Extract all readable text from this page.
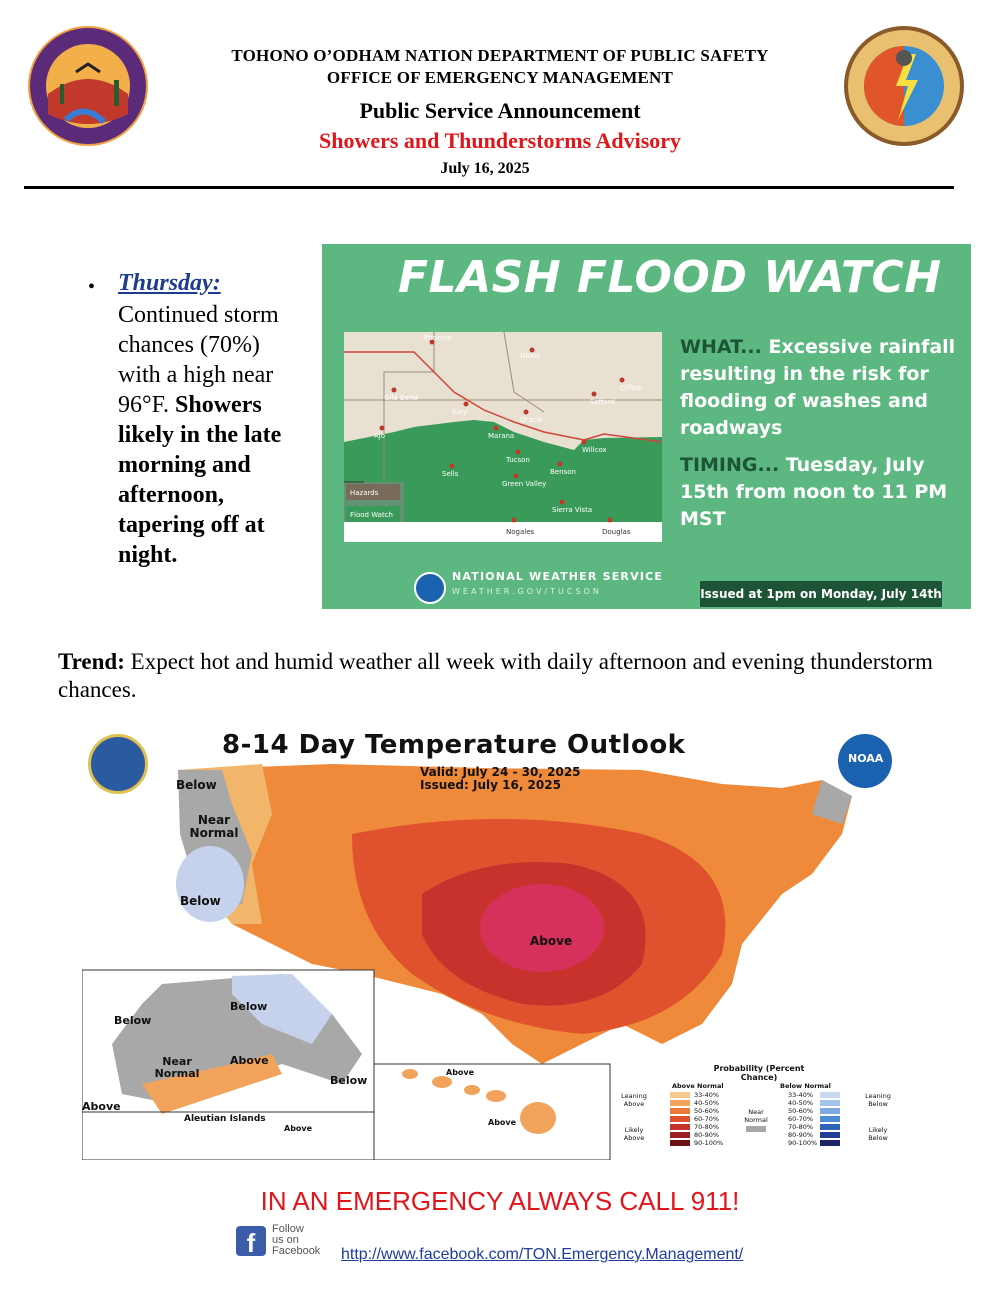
TOHONO O’ODHAM NATION DEPARTMENT OF PUBLIC SAFETY
OFFICE OF EMERGENCY MANAGEMENT
Public Service Announcement
Showers and Thunderstorms Advisory
July 16, 2025
• Thursday:
Continued storm chances (70%) with a high near 96°F. Showers likely in the late morning and afternoon, tapering off at night.
FLASH FLOOD WATCH
Phoenix
Globe
Clifton
Safford
Gila Bend
Eloy
Oracle
Ajo	Marana
Willcox
Tucson
Benson
Sells
Green Valley
Sierra Vista
Nogales	Douglas
Hazards
Flood Watch
WHAT... Excessive rainfall resulting in the risk for flooding of washes and roadways
TIMING... Tuesday, July 15th from noon to 11 PM MST
NATIONAL WEATHER SERVICE
WEATHER.GOV/TUCSON	Issued at 1pm on Monday, July 14th
Trend: Expect hot and humid weather all week with daily afternoon and evening thunderstorm chances.
8-14 Day Temperature Outlook
Valid: July 24 - 30, 2025
Issued: July 16, 2025
NOAA
Below
Near Normal
Below
Above
Below
Below
Near Normal
Above
Below
Above
Aleutian Islands
Above
Above
Above
Probability (Percent Chance)
Above Normal	Below Normal
Leaning Above
Likely Above
Leaning Below
Likely Below
Near Normal
33-40%
40-50%
50-60%
60-70%
70-80%
80-90%
90-100%
33-40%
40-50%
50-60%
60-70%
70-80%
80-90%
90-100%
IN AN EMERGENCY ALWAYS CALL 911!
f	Follow
us on
Facebook http://www.facebook.com/TON.Emergency.Management/
